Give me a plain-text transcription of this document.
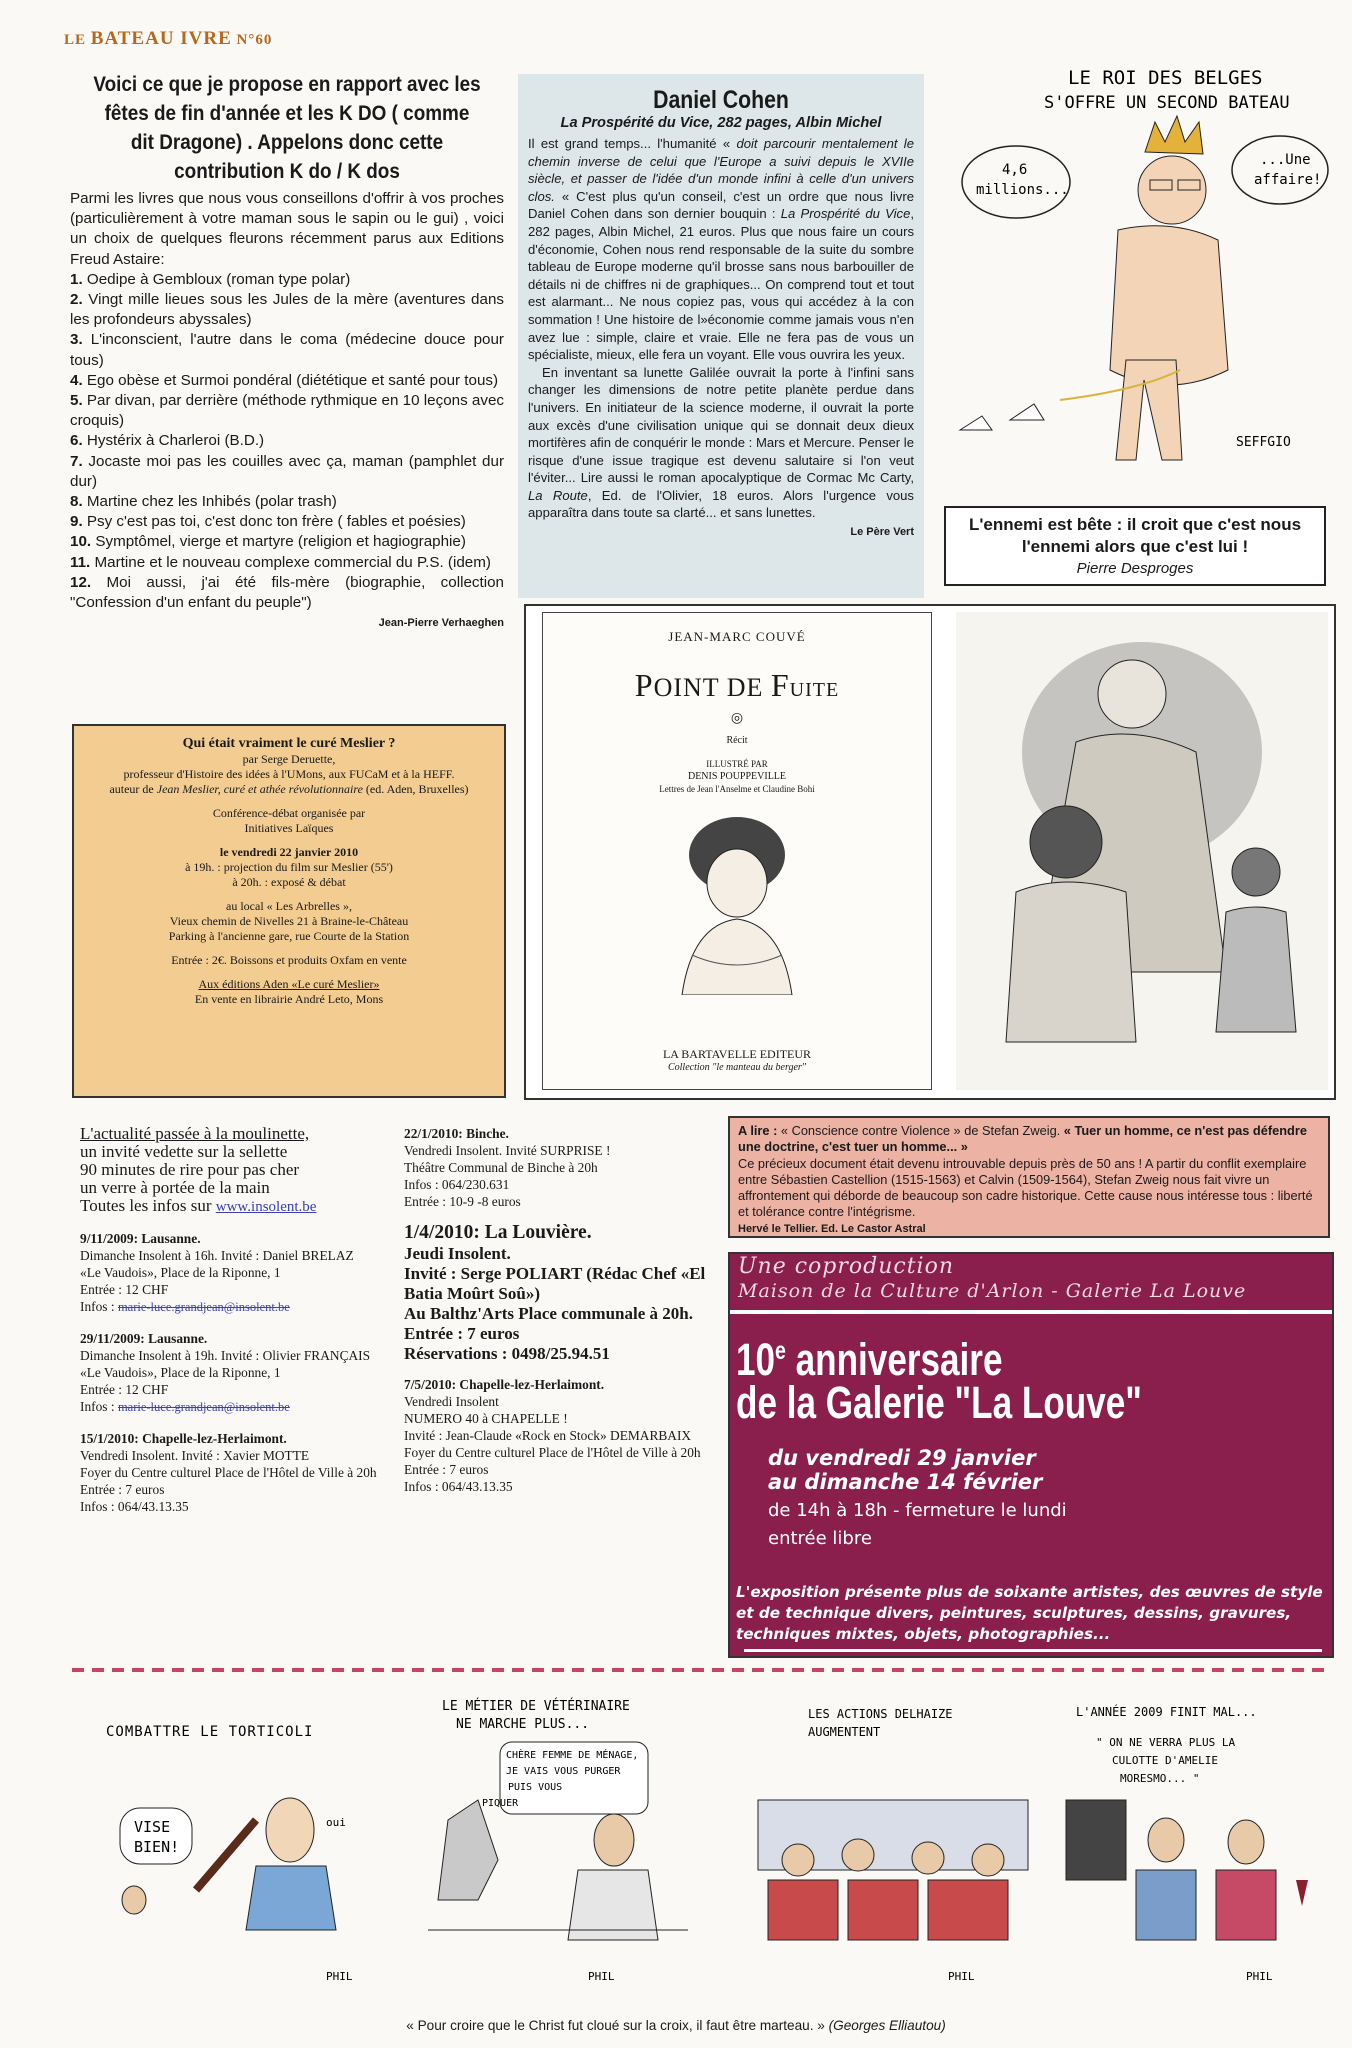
LE BATEAU IVRE N°60
Voici ce que je propose en rapport avec les fêtes de fin d'année et les K DO ( comme dit Dragone) . Appelons donc cette contribution K do / K dos

Parmi les livres que nous vous conseillons d'offrir à vos proches (particulièrement à votre maman sous le sapin ou le gui) , voici un choix de quelques fleurons récemment parus aux Editions Freud Astaire:

1. Oedipe à Gembloux (roman type polar)
2. Vingt mille lieues sous les Jules de la mère (aventures dans les profondeurs abyssales)
3. L'inconscient, l'autre dans le coma (médecine douce pour tous)
4. Ego obèse et Surmoi pondéral (diététique et santé pour tous)
5. Par divan, par derrière (méthode rythmique en 10 leçons avec croquis)
6. Hystérix à Charleroi (B.D.)
7. Jocaste moi pas les couilles avec ça, maman (pamphlet dur dur)
8. Martine chez les Inhibés (polar trash)
9. Psy c'est pas toi, c'est donc ton frère ( fables et poésies)
10. Symptômel, vierge et martyre (religion et hagiographie)
11. Martine et le nouveau complexe commercial du P.S. (idem)
12. Moi aussi, j'ai été fils-mère (biographie, collection "Confession d'un enfant du peuple")
Jean-Pierre Verhaeghen
Daniel Cohen
La Prospérité du Vice, 282 pages, Albin Michel

Il est grand temps... l'humanité « doit parcourir mentalement le chemin inverse de celui que l'Europe a suivi depuis le XVIIe siècle, et passer de l'idée d'un monde infini à celle d'un univers clos. « C'est plus qu'un conseil, c'est un ordre que nous livre Daniel Cohen dans son dernier bouquin : La Prospérité du Vice, 282 pages, Albin Michel, 21 euros. Plus que nous faire un cours d'économie, Cohen nous rend responsable de la suite du sombre tableau de Europe moderne qu'il brosse sans nous barbouiller de détails ni de chiffres ni de graphiques... On comprend tout et tout est alarmant... Ne nous copiez pas, vous qui accédez à la con sommation ! Une histoire de l»économie comme jamais vous n'en avez lue : simple, claire et vraie. Elle ne fera pas de vous un spécialiste, mieux, elle fera un voyant. Elle vous ouvrira les yeux.

En inventant sa lunette Galilée ouvrait la porte à l'infini sans changer les dimensions de notre petite planète perdue dans l'univers. En initiateur de la science moderne, il ouvrait la porte aux excès d'une civilisation unique qui se donnait deux dieux mortifères afin de conquérir le monde : Mars et Mercure. Penser le risque d'une issue tragique est devenu salutaire si l'on veut l'éviter... Lire aussi le roman apocalyptique de Cormac Mc Carty, La Route, Ed. de l'Olivier, 18 euros. Alors l'urgence vous apparaîtra dans toute sa clarté... et sans lunettes.

Le Père Vert
LE ROI DES BELGES
S'OFFRE UN SECOND BATEAU
4,6
millions...
...Une
affaire!
SEFFGIO
L'ennemi est bête : il croit que c'est nous
l'ennemi alors que c'est lui !
Pierre Desproges
JEAN-MARC COUVÉ
POINT DE FUITE
◎
Récit
ILLUSTRÉ PAR
DENIS POUPPEVILLE
Lettres de Jean l'Anselme et Claudine Bohi
LA BARTAVELLE EDITEUR
Collection "le manteau du berger"
Qui était vraiment le curé Meslier ?
par Serge Deruette,
professeur d'Histoire des idées à l'UMons, aux FUCaM et à la HEFF.
auteur de Jean Meslier, curé et athée révolutionnaire (ed. Aden, Bruxelles)
Conférence-débat organisée par
Initiatives Laïques
le vendredi 22 janvier 2010
à 19h. : projection du film sur Meslier (55')
à 20h. : exposé & débat
au local « Les Arbrelles »,
Vieux chemin de Nivelles 21 à Braine-le-Château
Parking à l'ancienne gare, rue Courte de la Station
Entrée : 2€. Boissons et produits Oxfam en vente
Aux éditions Aden «Le curé Meslier»
En vente en librairie André Leto, Mons
L'actualité passée à la moulinette,
un invité vedette sur la sellette
90 minutes de rire pour pas cher
un verre à portée de la main
Toutes les infos sur www.insolent.be
9/11/2009: Lausanne.
Dimanche Insolent à 16h. Invité : Daniel BRELAZ
«Le Vaudois», Place de la Riponne, 1
Entrée : 12 CHF
Infos : marie-luce.grandjean@insolent.be
29/11/2009: Lausanne.
Dimanche Insolent à 19h. Invité : Olivier FRANÇAIS
«Le Vaudois», Place de la Riponne, 1
Entrée : 12 CHF
Infos : marie-luce.grandjean@insolent.be
15/1/2010: Chapelle-lez-Herlaimont.
Vendredi Insolent. Invité : Xavier MOTTE
Foyer du Centre culturel Place de l'Hôtel de Ville à 20h
Entrée : 7 euros
Infos : 064/43.13.35
22/1/2010: Binche.
Vendredi Insolent. Invité SURPRISE !
Théâtre Communal de Binche à 20h
Infos : 064/230.631
Entrée : 10-9 -8 euros
1/4/2010: La Louvière.
Jeudi Insolent.
Invité : Serge POLIART (Rédac Chef «El Batia Moûrt Soû»)
Au Balthz'Arts Place communale à 20h.
Entrée : 7 euros
Réservations : 0498/25.94.51
7/5/2010: Chapelle-lez-Herlaimont.
Vendredi Insolent
NUMERO 40 à CHAPELLE !
Invité : Jean-Claude «Rock en Stock» DEMARBAIX
Foyer du Centre culturel Place de l'Hôtel de Ville à 20h
Entrée : 7 euros
Infos : 064/43.13.35
A lire : « Conscience contre Violence » de Stefan Zweig. « Tuer un homme, ce n'est pas défendre une doctrine, c'est tuer un homme... »
Ce précieux document était devenu introuvable depuis près de 50 ans ! A partir du conflit exemplaire entre Sébastien Castellion (1515-1563) et Calvin (1509-1564), Stefan Zweig nous fait vivre un affrontement qui déborde de beaucoup son cadre historique. Cette cause nous intéresse tous : liberté et tolérance contre l'intégrisme.
Hervé le Tellier. Ed. Le Castor Astral
Une coproduction
Maison de la Culture d'Arlon - Galerie La Louve
10e anniversaire
de la Galerie "La Louve"
du vendredi 29 janvier
au dimanche 14 février
de 14h à 18h - fermeture le lundi
entrée libre
L'exposition présente plus de soixante artistes, des œuvres de style et de technique divers, peintures, sculptures, dessins, gravures, techniques mixtes, objets, photographies...
COMBATTRE LE TORTICOLI
VISE
BIEN!
oui
PHIL
LE MÉTIER DE VÉTÉRINAIRE
NE MARCHE PLUS...
CHÈRE FEMME DE MÉNAGE,
JE VAIS VOUS PURGER
PUIS VOUS
PIQUER
PHIL
LES ACTIONS DELHAIZE
AUGMENTENT
PHIL
L'ANNÉE 2009 FINIT MAL...
" ON NE VERRA PLUS LA
CULOTTE D'AMELIE
MORESMO... "
PHIL
« Pour croire que le Christ fut cloué sur la croix, il faut être marteau. » (Georges Elliautou)
